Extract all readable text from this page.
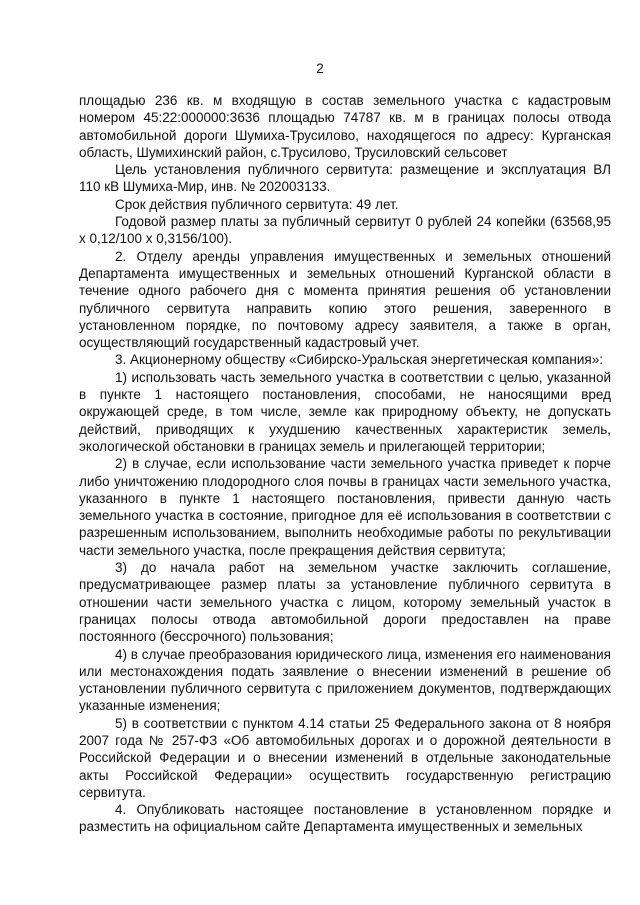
2

площадью 236 кв. м входящую в состав земельного участка с кадастровым номером 45:22:000000:3636 площадью 74787 кв. м в границах полосы отвода автомобильной дороги Шумиха-Трусилово, находящегося по адресу: Курганская область, Шумихинский район, с.Трусилово, Трусиловский сельсовет

Цель установления публичного сервитута: размещение и эксплуатация ВЛ 110 кВ Шумиха-Мир, инв. № 202003133.

Срок действия публичного сервитута: 49 лет.

Годовой размер платы за публичный сервитут 0 рублей 24 копейки (63568,95 х 0,12/100 х 0,3156/100).

2. Отделу аренды управления имущественных и земельных отношений Департамента имущественных и земельных отношений Курганской области в течение одного рабочего дня с момента принятия решения об установлении публичного сервитута направить копию этого решения, заверенного в установленном порядке, по почтовому адресу заявителя, а также в орган, осуществляющий государственный кадастровый учет.

3. Акционерному обществу «Сибирско-Уральская энергетическая компания»:

1) использовать часть земельного участка в соответствии с целью, указанной в пункте 1 настоящего постановления, способами, не наносящими вред окружающей среде, в том числе, земле как природному объекту, не допускать действий, приводящих к ухудшению качественных характеристик земель, экологической обстановки в границах земель и прилегающей территории;

2) в случае, если использование части земельного участка приведет к порче либо уничтожению плодородного слоя почвы в границах части земельного участка, указанного в пункте 1 настоящего постановления, привести данную часть земельного участка в состояние, пригодное для её использования в соответствии с разрешенным использованием, выполнить необходимые работы по рекультивации части земельного участка, после прекращения действия сервитута;

3) до начала работ на земельном участке заключить соглашение, предусматривающее размер платы за установление публичного сервитута в отношении части земельного участка с лицом, которому земельный участок в границах полосы отвода автомобильной дороги предоставлен на праве постоянного (бессрочного) пользования;

4) в случае преобразования юридического лица, изменения его наименования или местонахождения подать заявление о внесении изменений в решение об установлении публичного сервитута с приложением документов, подтверждающих указанные изменения;

5) в соответствии с пунктом 4.14 статьи 25 Федерального закона от 8 ноября 2007 года № 257-ФЗ «Об автомобильных дорогах и о дорожной деятельности в Российской Федерации и о внесении изменений в отдельные законодательные акты Российской Федерации» осуществить государственную регистрацию сервитута.

4. Опубликовать настоящее постановление в установленном порядке и разместить на официальном сайте Департамента имущественных и земельных
